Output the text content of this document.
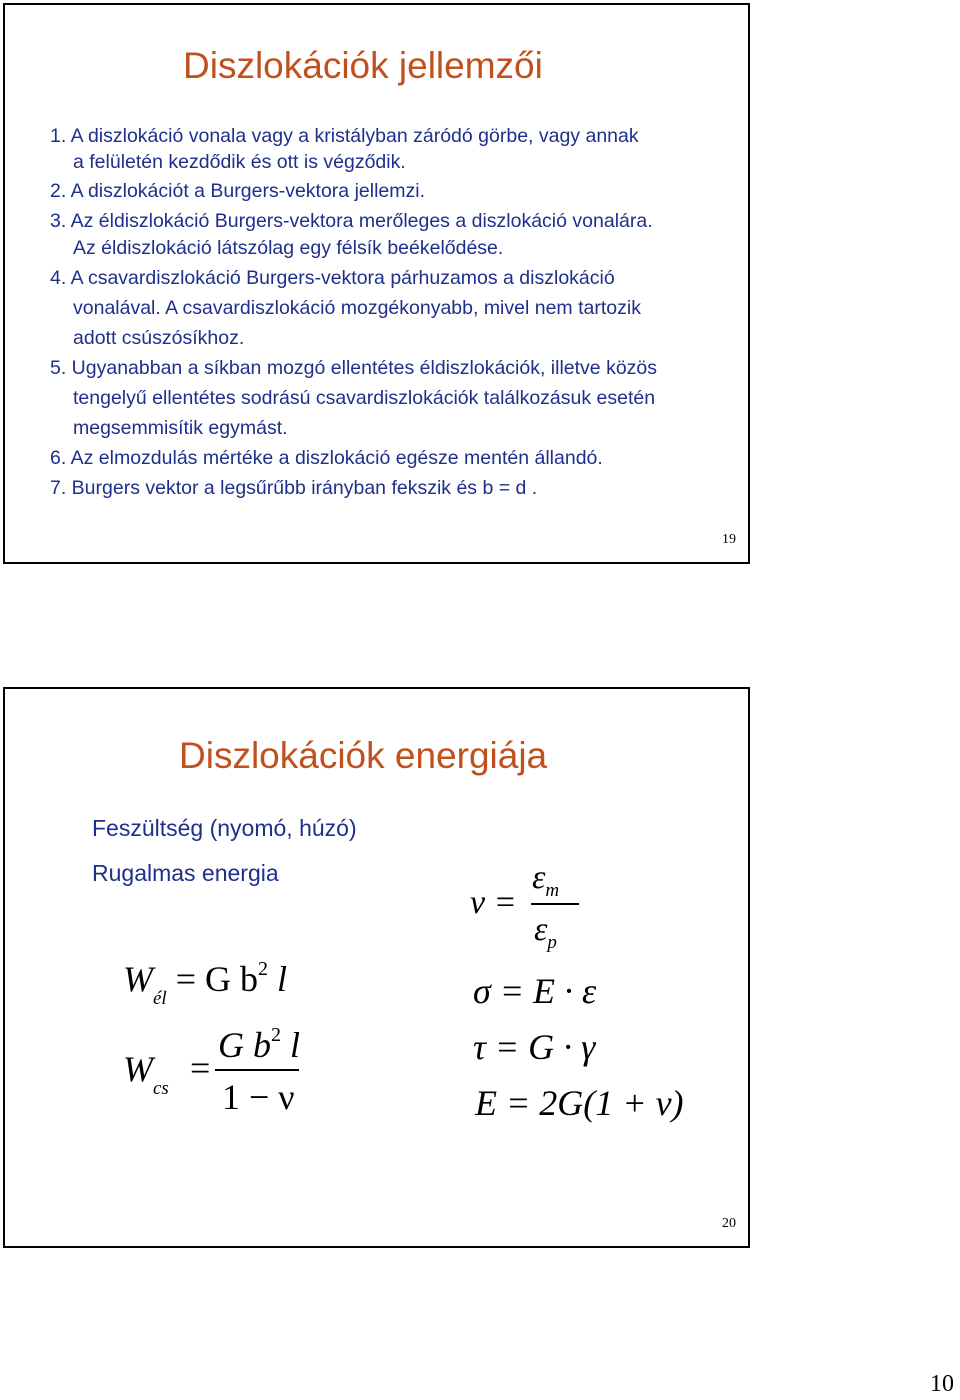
Diszlokációk jellemzői
1. A diszlokáció vonala vagy a kristályban záródó görbe, vagy annak
a felületén kezdődik és ott is végződik.
2. A diszlokációt a Burgers-vektora jellemzi.
3. Az éldiszlokáció Burgers-vektora merőleges a diszlokáció vonalára.
Az éldiszlokáció látszólag egy félsík beékelődése.
4. A csavardiszlokáció Burgers-vektora párhuzamos a diszlokáció
vonalával. A csavardiszlokáció mozgékonyabb, mivel nem tartozik
adott csúszósíkhoz.
5. Ugyanabban a síkban mozgó ellentétes éldiszlokációk, illetve közös
tengelyű ellentétes sodrású csavardiszlokációk találkozásuk esetén
megsemmisítik egymást.
6. Az elmozdulás mértéke a diszlokáció egésze mentén állandó.
7. Burgers vektor a legsűrűbb irányban fekszik és b = d .
19
Diszlokációk energiája
Feszültség (nyomó, húzó)
Rugalmas energia
$W_{él} = G$ $b^2$ l
$W_{cs}$
=
G $b^2$ l
1 − ν
ν =
$\varepsilon_m$
$\varepsilon_p$
σ = E · ε
τ = G · γ
E = 2G(1 + ν)
20
10
